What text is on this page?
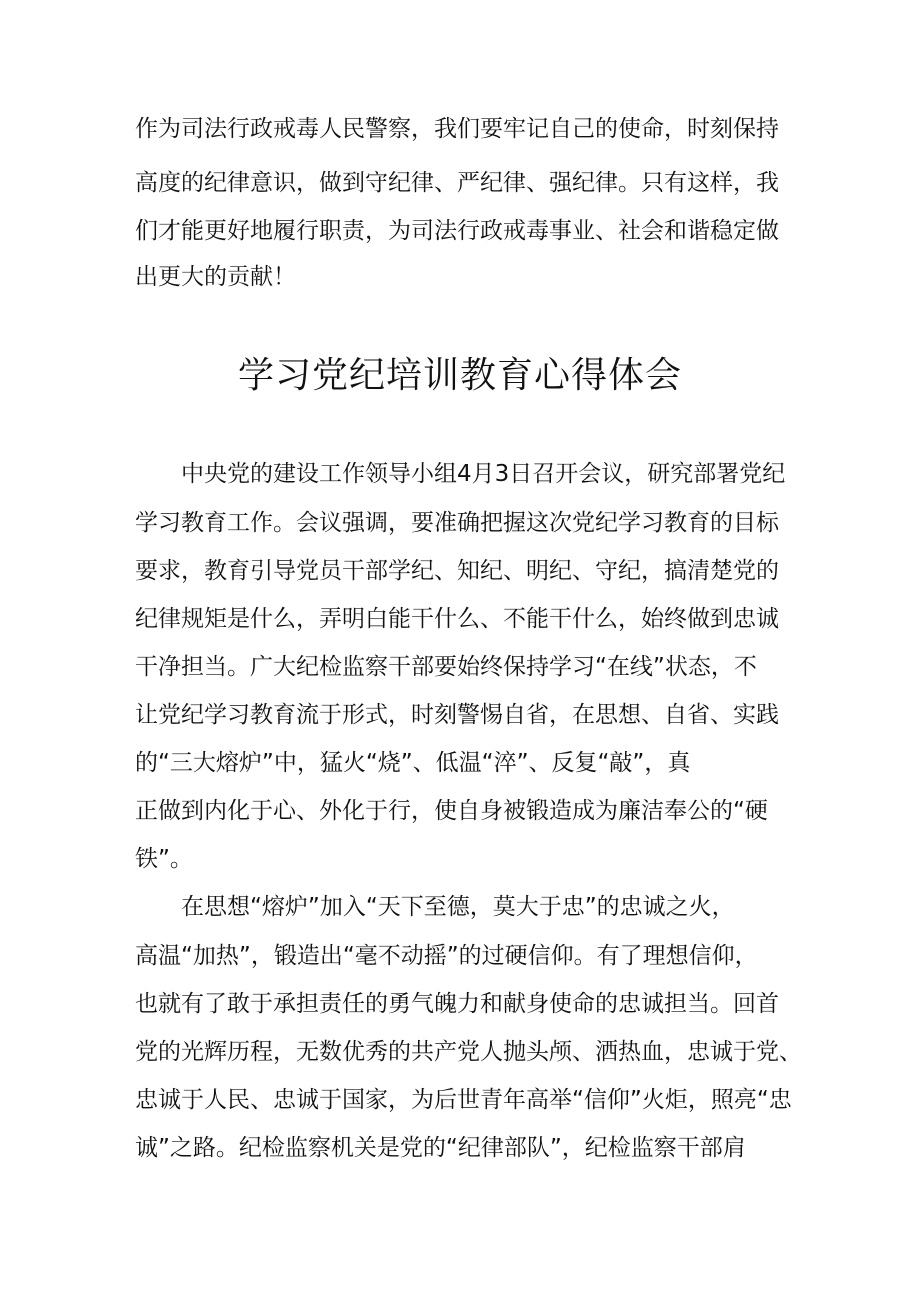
作为司法行政戒毒人民警察，我们要牢记自己的使命，时刻保持
高度的纪律意识，做到守纪律、严纪律、强纪律。只有这样，我
们才能更好地履行职责，为司法行政戒毒事业、社会和谐稳定做
出更大的贡献！
学习党纪培训教育心得体会
中央党的建设工作领导小组4月3日召开会议，研究部署党纪
学习教育工作。会议强调，要准确把握这次党纪学习教育的目标
要求，教育引导党员干部学纪、知纪、明纪、守纪，搞清楚党的
纪律规矩是什么，弄明白能干什么、不能干什么，始终做到忠诚
干净担当。广大纪检监察干部要始终保持学习“在线”状态，不
让党纪学习教育流于形式，时刻警惕自省，在思想、自省、实践
的“三大熔炉”中，猛火“烧”、低温“淬”、反复“敲”，真
正做到内化于心、外化于行，使自身被锻造成为廉洁奉公的“硬
铁”。
在思想“熔炉”加入“天下至德，莫大于忠”的忠诚之火，
高温“加热”，锻造出“毫不动摇”的过硬信仰。有了理想信仰，
也就有了敢于承担责任的勇气魄力和献身使命的忠诚担当。回首
党的光辉历程，无数优秀的共产党人抛头颅、洒热血，忠诚于党、
忠诚于人民、忠诚于国家，为后世青年高举“信仰”火炬，照亮“忠
诚”之路。纪检监察机关是党的“纪律部队”，纪检监察干部肩
